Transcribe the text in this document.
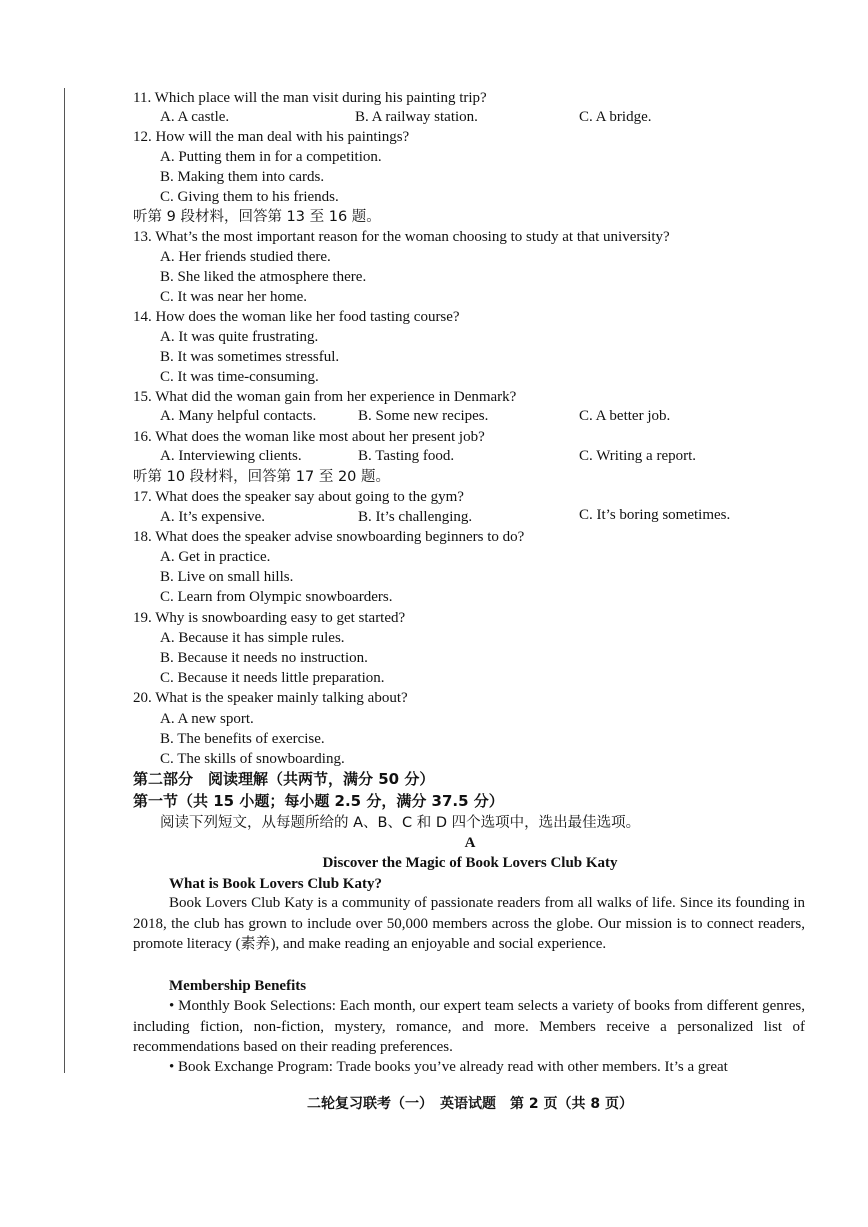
11. Which place will the man visit during his painting trip?
A. A castle.	B. A railway station.	C. A bridge.
12. How will the man deal with his paintings?
A. Putting them in for a competition.
B. Making them into cards.
C. Giving them to his friends.
听第 9 段材料，回答第 13 至 16 题。
13. What’s the most important reason for the woman choosing to study at that university?
A. Her friends studied there.
B. She liked the atmosphere there.
C. It was near her home.
14. How does the woman like her food tasting course?
A. It was quite frustrating.
B. It was sometimes stressful.
C. It was time-consuming.
15. What did the woman gain from her experience in Denmark?
A. Many helpful contacts.	B. Some new recipes.	C. A better job.
16. What does the woman like most about her present job?
A. Interviewing clients.	B. Tasting food.	C. Writing a report.
听第 10 段材料，回答第 17 至 20 题。
17. What does the speaker say about going to the gym?
A. It’s expensive.	B. It’s challenging.	C. It’s boring sometimes.
18. What does the speaker advise snowboarding beginners to do?
A. Get in practice.
B. Live on small hills.
C. Learn from Olympic snowboarders.
19. Why is snowboarding easy to get started?
A. Because it has simple rules.
B. Because it needs no instruction.
C. Because it needs little preparation.
20. What is the speaker mainly talking about?
A. A new sport.
B. The benefits of exercise.
C. The skills of snowboarding.
第二部分　阅读理解（共两节，满分 50 分）
第一节（共 15 小题；每小题 2.5 分，满分 37.5 分）
阅读下列短文，从每题所给的 A、B、C 和 D 四个选项中，选出最佳选项。
A
Discover the Magic of Book Lovers Club Katy
What is Book Lovers Club Katy?
Book Lovers Club Katy is a community of passionate readers from all walks of life. Since its founding in 2018, the club has grown to include over 50,000 members across the globe. Our mission is to connect readers, promote literacy (素养), and make reading an enjoyable and social experience.
Membership Benefits
• Monthly Book Selections: Each month, our expert team selects a variety of books from different genres, including fiction, non-fiction, mystery, romance, and more. Members receive a personalized list of recommendations based on their reading preferences.
• Book Exchange Program: Trade books you’ve already read with other members. It’s a great
二轮复习联考（一）　英语试题　第 2 页（共 8 页）
